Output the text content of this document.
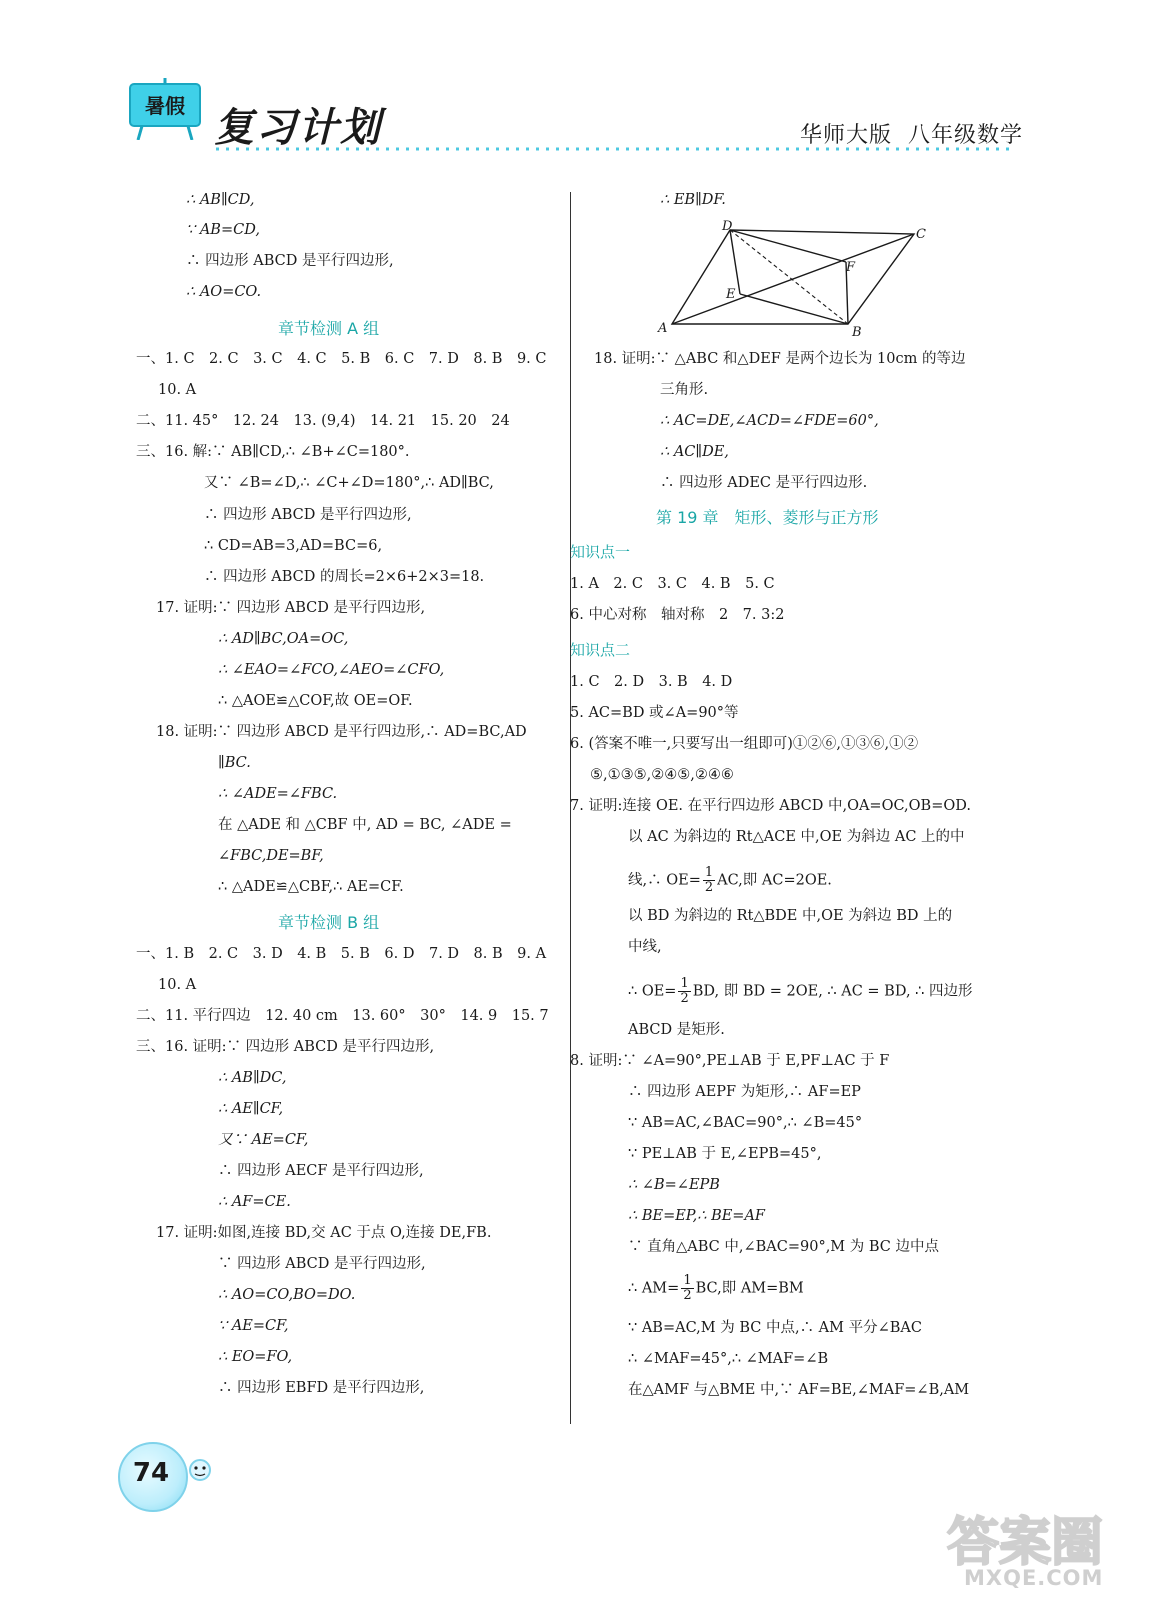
暑假 复习计划	华师大版 八年级数学
∴ AB∥CD,
∵ AB=CD,
∴ 四边形 ABCD 是平行四边形,
∴ AO=CO.
章节检测 A 组
一、1. C　2. C　3. C　4. C　5. B　6. C　7. D　8. B　9. C
10. A
二、11. 45°　12. 24　13. (9,4)　14. 21　15. 20　24
三、16. 解:∵ AB∥CD,∴ ∠B+∠C=180°.
又∵ ∠B=∠D,∴ ∠C+∠D=180°,∴ AD∥BC,
∴ 四边形 ABCD 是平行四边形,
∴ CD=AB=3,AD=BC=6,
∴ 四边形 ABCD 的周长=2×6+2×3=18.
17. 证明:∵ 四边形 ABCD 是平行四边形,
∴ AD∥BC,OA=OC,
∴ ∠EAO=∠FCO,∠AEO=∠CFO,
∴ △AOE≌△COF,故 OE=OF.
18. 证明:∵ 四边形 ABCD 是平行四边形,∴ AD=BC,AD
∥BC.
∴ ∠ADE=∠FBC.
在 △ADE 和 △CBF 中, AD = BC, ∠ADE =
∠FBC,DE=BF,
∴ △ADE≌△CBF,∴ AE=CF.
章节检测 B 组
一、1. B　2. C　3. D　4. B　5. B　6. D　7. D　8. B　9. A
10. A
二、11. 平行四边　12. 40 cm　13. 60°　30°　14. 9　15. 7
三、16. 证明:∵ 四边形 ABCD 是平行四边形,
∴ AB∥DC,
∴ AE∥CF,
又∵ AE=CF,
∴ 四边形 AECF 是平行四边形,
∴ AF=CE.
17. 证明:如图,连接 BD,交 AC 于点 O,连接 DE,FB.
∵ 四边形 ABCD 是平行四边形,
∴ AO=CO,BO=DO.
∵ AE=CF,
∴ EO=FO,
∴ 四边形 EBFD 是平行四边形,
∴ EB∥DF.
D
C
F
E
A	B
18. 证明:∵ △ABC 和△DEF 是两个边长为 10cm 的等边
三角形.
∴ AC=DE,∠ACD=∠FDE=60°,
∴ AC∥DE,
∴ 四边形 ADEC 是平行四边形.
第 19 章　矩形、菱形与正方形
知识点一
1. A　2. C　3. C　4. B　5. C
6. 中心对称　轴对称　2　7. 3:2
知识点二
1. C　2. D　3. B　4. D
5. AC=BD 或∠A=90°等
6. (答案不唯一,只要写出一组即可)①②⑥,①③⑥,①②
⑤,①③⑤,②④⑤,②④⑥
7. 证明:连接 OE. 在平行四边形 ABCD 中,OA=OC,OB=OD.
以 AC 为斜边的 Rt△ACE 中,OE 为斜边 AC 上的中
线,∴ $OE= \frac{1}{2}$ AC,即 AC=2OE.
以 BD 为斜边的 Rt△BDE 中,OE 为斜边 BD 上的
中线,
∴ $OE= \frac{1}{2}$ BD, 即 BD = 2OE, ∴ AC = BD, ∴ 四边形
ABCD 是矩形.
8. 证明:∵ ∠A=90°,PE⊥AB 于 E,PF⊥AC 于 F
∴ 四边形 AEPF 为矩形,∴ AF=EP
∵ AB=AC,∠BAC=90°,∴ ∠B=45°
∵ PE⊥AB 于 E,∠EPB=45°,
∴ ∠B=∠EPB
∴ BE=EP,∴ BE=AF
∵ 直角△ABC 中,∠BAC=90°,M 为 BC 边中点
∴ $AM= \frac{1}{2}$ BC,即 AM=BM
∵ AB=AC,M 为 BC 中点,∴ AM 平分∠BAC
∴ ∠MAF=45°,∴ ∠MAF=∠B
在△AMF 与△BME 中,∵ AF=BE,∠MAF=∠B,AM
74
答案圈
MXQE.COM
